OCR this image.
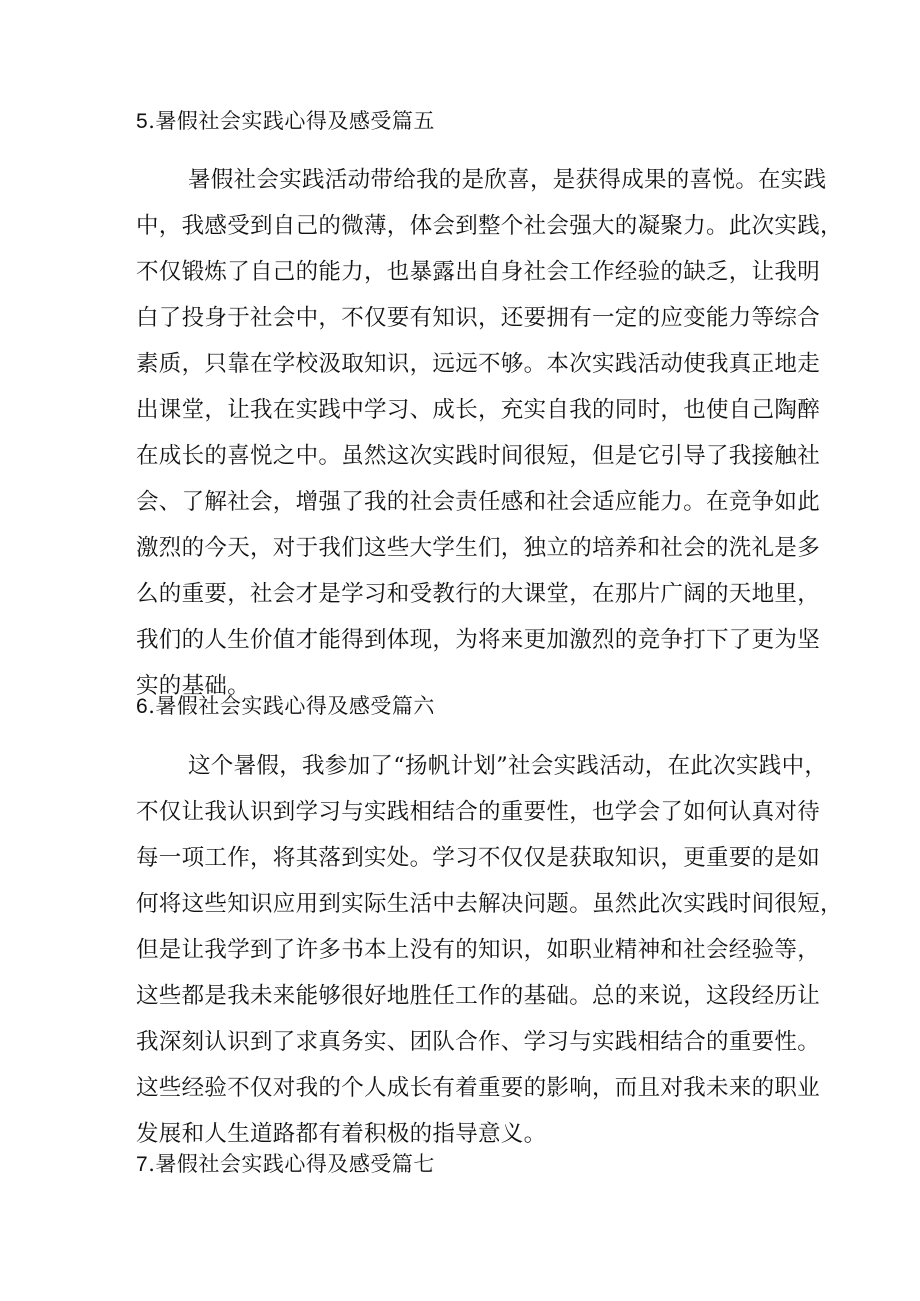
5.暑假社会实践心得及感受篇五
暑假社会实践活动带给我的是欣喜，是获得成果的喜悦。在实践
中，我感受到自己的微薄，体会到整个社会强大的凝聚力。此次实践，
不仅锻炼了自己的能力，也暴露出自身社会工作经验的缺乏，让我明
白了投身于社会中，不仅要有知识，还要拥有一定的应变能力等综合
素质，只靠在学校汲取知识，远远不够。本次实践活动使我真正地走
出课堂，让我在实践中学习、成长，充实自我的同时，也使自己陶醉
在成长的喜悦之中。虽然这次实践时间很短，但是它引导了我接触社
会、了解社会，增强了我的社会责任感和社会适应能力。在竞争如此
激烈的今天，对于我们这些大学生们，独立的培养和社会的洗礼是多
么的重要，社会才是学习和受教行的大课堂，在那片广阔的天地里，
我们的人生价值才能得到体现，为将来更加激烈的竞争打下了更为坚
实的基础。
6.暑假社会实践心得及感受篇六
这个暑假，我参加了“扬帆计划”社会实践活动，在此次实践中，
不仅让我认识到学习与实践相结合的重要性，也学会了如何认真对待
每一项工作，将其落到实处。学习不仅仅是获取知识，更重要的是如
何将这些知识应用到实际生活中去解决问题。虽然此次实践时间很短，
但是让我学到了许多书本上没有的知识，如职业精神和社会经验等，
这些都是我未来能够很好地胜任工作的基础。总的来说，这段经历让
我深刻认识到了求真务实、团队合作、学习与实践相结合的重要性。
这些经验不仅对我的个人成长有着重要的影响，而且对我未来的职业
发展和人生道路都有着积极的指导意义。
7.暑假社会实践心得及感受篇七
